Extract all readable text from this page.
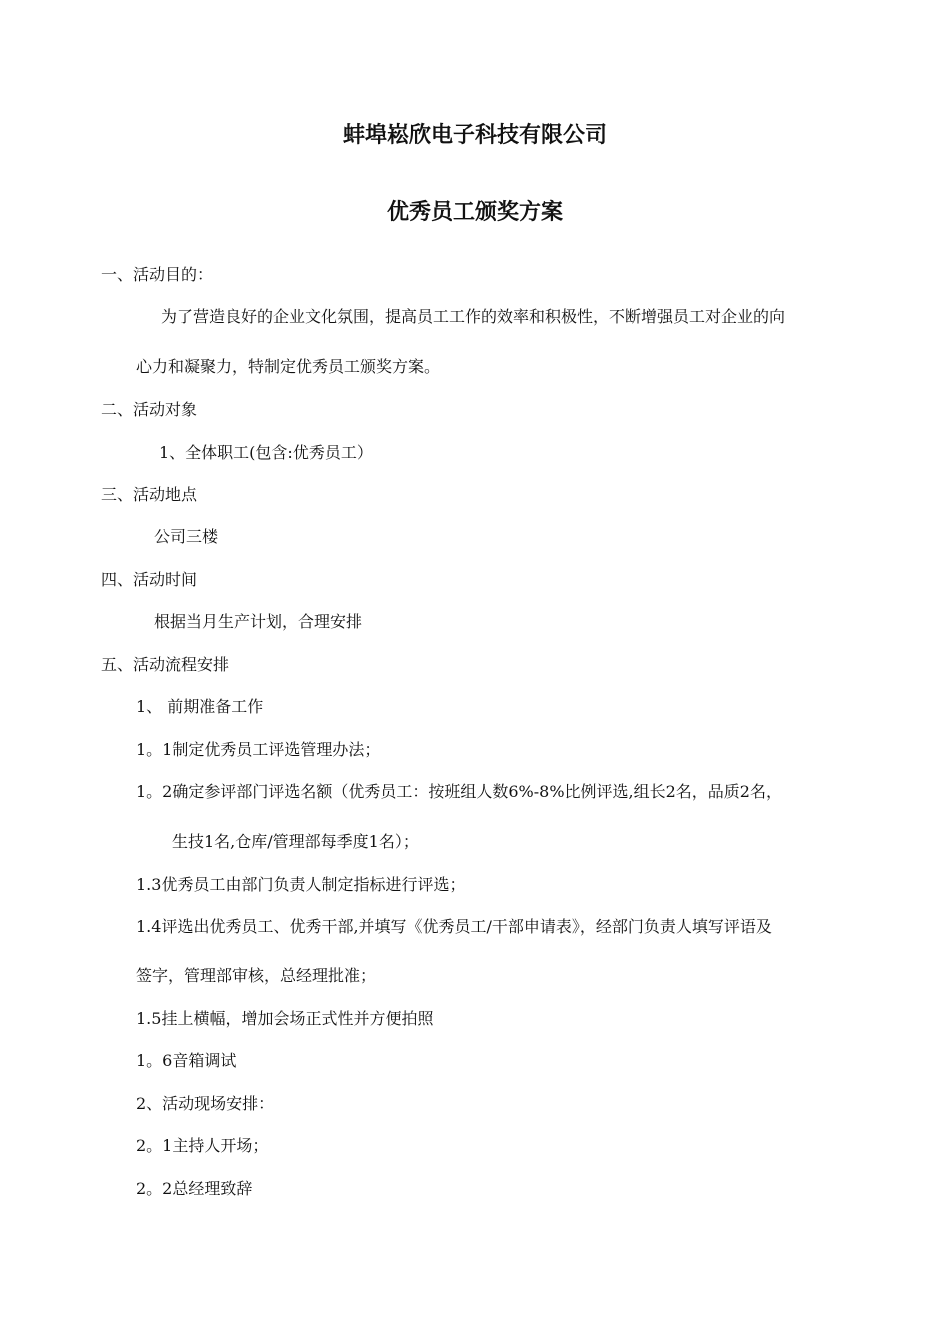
蚌埠崧欣电子科技有限公司
优秀员工颁奖方案
一、活动目的：
为了营造良好的企业文化氛围，提高员工工作的效率和积极性，不断增强员工对企业的向
心力和凝聚力，特制定优秀员工颁奖方案。
二、活动对象
1、全体职工(包含:优秀员工）
三、活动地点
公司三楼
四、活动时间
根据当月生产计划，合理安排
五、活动流程安排
1、 前期准备工作
1。1制定优秀员工评选管理办法；
1。2确定参评部门评选名额（优秀员工：按班组人数6%-8%比例评选,组长2名，品质2名，
生技1名,仓库/管理部每季度1名）；
1.3优秀员工由部门负责人制定指标进行评选；
1.4评选出优秀员工、优秀干部,并填写《优秀员工/干部申请表》，经部门负责人填写评语及
签字，管理部审核，总经理批准；
1.5挂上横幅，增加会场正式性并方便拍照
1。6音箱调试
2、活动现场安排：
2。1主持人开场；
2。2总经理致辞
